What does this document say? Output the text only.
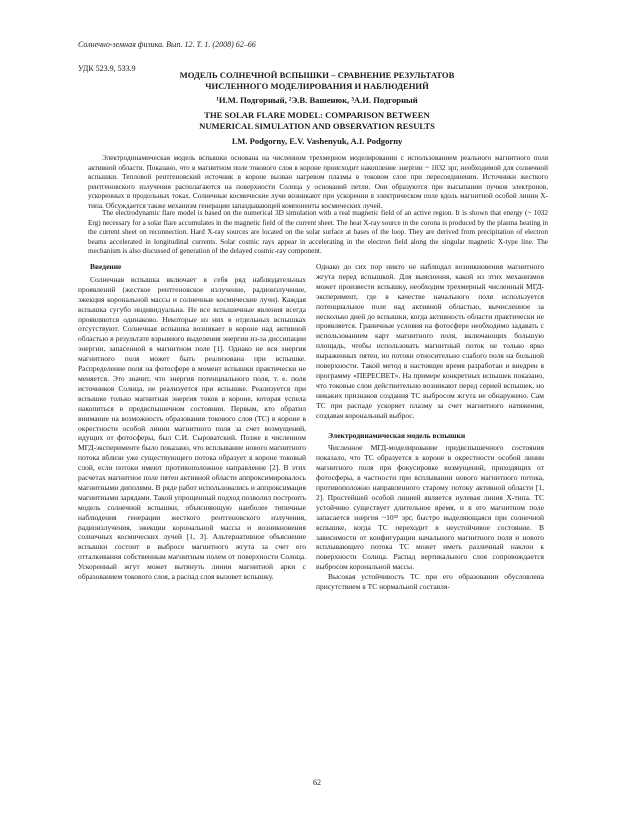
Солнечно-земная физика. Вып. 12. Т. 1. (2008) 62–66
УДК 523.9, 533.9
МОДЕЛЬ СОЛНЕЧНОЙ ВСПЫШКИ – СРАВНЕНИЕ РЕЗУЛЬТАТОВ
ЧИСЛЕННОГО МОДЕЛИРОВАНИЯ И НАБЛЮДЕНИЙ
¹И.М. Подгорный, ²Э.В. Вашенюк, ³А.И. Подгорный
THE SOLAR FLARE MODEL: COMPARISON BETWEEN
NUMERICAL SIMULATION AND OBSERVATION RESULTS
I.M. Podgorny, E.V. Vashenyuk, A.I. Podgorny

Электродинамическая модель вспышки основана на численном трехмерном моделировании с использованием реального магнитного поля активной области. Показано, что в магнитном поле токового слоя в короне происходит накопление энергии ~ 1032 эрг, необходимой для солнечной вспышки. Тепловой рентгеновский источник в короне вызван нагревом плазмы в токовом слое при пересоединении. Источники жесткого рентгеновского излучения располагаются на поверхности Солнца у оснований петли. Они образуются при высыпании пучков электронов, ускоренных в продольных токах. Солнечные космические лучи возникают при ускорении в электрическом поле вдоль магнитной особой линии X-типа. Обсуждается также механизм генерации запаздывающей компоненты космических лучей.

The electrodynamic flare model is based on the numerical 3D simulation with a real magnetic field of an active region. It is shown that energy (~ 1032 Erg) necessary for a solar flare accumulates in the magnetic field of the current sheet. The heat X-ray source in the corona is produced by the plasma heating in the current sheet on reconnection. Hard X-ray sources are located on the solar surface at bases of the loop. They are derived from precipitation of electron beams accelerated in longitudinal currents. Solar cosmic rays appear in accelerating in the electron field along the singular magnetic X-type line. The mechanism is also discussed of generation of the delayed cosmic-ray component.

Введение

Солнечная вспышка включает в себя ряд наблюдательных проявлений (жесткое рентгеновское излучение, радиоизлучение, эжекция корональной массы и солнечные космические лучи). Каждая вспышка сугубо индивидуальна. Не все вспышечные явления всегда проявляются одинаково. Некоторые из них в отдельных вспышках отсутствуют. Солнечная вспышка возникает в короне над активной областью в результате взрывного выделения энергии из-за диссипации энергии, запасенной в магнитном поле [1]. Однако не вся энергия магнитного поля может быть реализована при вспышке. Распределение поля на фотосфере в момент вспышки практически не меняется. Это значит, что энергия потенциального поля, т. е. поля источников Солнца, не реализуется при вспышке. Реализуется при вспышке только магнитная энергия токов в короне, которая успела накопиться в предвспышечном состоянии. Первым, кто обратил внимание на возможность образования токового слоя (ТС) в короне в окрестности особой линии магнитного поля за счет возмущений, идущих от фотосферы, был С.И. Сыроватский. Позже в численном МГД-эксперименте было показано, что всплывание нового магнитного потока вблизи уже существующего потока образует в короне токовый слой, если потоки имеют противоположное направление [2]. В этих расчетах магнитное поле пятен активной области аппроксимировалось магнитными диполями. В ряде работ использовались и аппроксимация магнитными зарядами. Такой упрощенный подход позволил построить модель солнечной вспышки, объясняющую наиболее типичные наблюдения генерации жесткого рентгеновского излучения, радиоизлучения, эжекции корональной массы и возникновения солнечных космических лучей [1, 3]. Альтернативное объяснение вспышки состоит в выбросе магнитного жгута за счет его отталкивания собственным магнитным полем от поверхности Солнца. Ускоренный жгут может вытянуть линии магнитной арки с образованием токового слоя, а распад слоя вызовет вспышку.

Однако до сих пор никто не наблюдал возникновения магнитного жгута перед вспышкой. Для выяснения, какой из этих механизмов может произвести вспышку, необходим трехмерный численный МГД-эксперимент, где в качестве начального поля используется потенциальное поле над активной областью, вычисленное за несколько дней до вспышки, когда активность области практически не проявляется. Граничные условия на фотосфере необходимо задавать с использованием карт магнитного поля, включающих большую площадь, чтобы использовать магнитный поток не только ярко выраженных пятен, но потоки относительно слабого поля на большой поверхности. Такой метод в настоящее время разработан и внедрен в программу «ПЕРЕСВЕТ». На примере конкретных вспышек показано, что токовые слои действительно возникают перед серией вспышек, но никаких признаков создания ТС выбросом жгута не обнаружено. Сам ТС при распаде ускоряет плазму за счет магнитного натяжения, создавая корональный выброс.

Электродинамическая модель вспышки

Численное МГД-моделирование предвспышечного состояния показало, что ТС образуется в короне в окрестности особой линии магнитного поля при фокусировке возмущений, приходящих от фотосферы, в частности при всплывании нового магнитного потока, противоположно направленного старому потоку активной области [1, 2]. Простейшей особой линией является нулевая линия X-типа. ТС устойчиво существует длительное время, и в его магнитном поле запасается энергия ~10³² эрг, быстро выделяющаяся при солнечной вспышке, когда ТС переходит в неустойчивое состояние. В зависимости от конфигурации начального магнитного поля и нового всплывающего потока ТС может иметь различный наклон к поверхности Солнца. Распад вертикального слоя сопровождается выбросом корональной массы.

Высокая устойчивость ТС при его образовании обусловлена присутствием в ТС нормальной составля-

62
